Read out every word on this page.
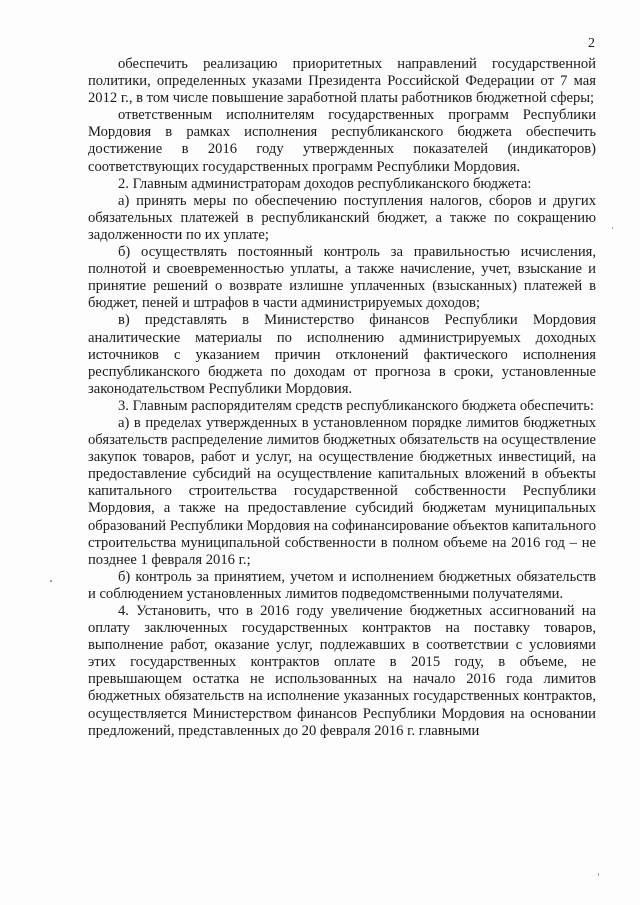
2

обеспечить реализацию приоритетных направлений государственной политики, определенных указами Президента Российской Федерации от 7 мая 2012 г., в том числе повышение заработной платы работников бюджетной сферы;

ответственным исполнителям государственных программ Республики Мордовия в рамках исполнения республиканского бюджета обеспечить достижение в 2016 году утвержденных показателей (индикаторов) соответствующих государственных программ Республики Мордовия.

2. Главным администраторам доходов республиканского бюджета:

а) принять меры по обеспечению поступления налогов, сборов и других обязательных платежей в республиканский бюджет, а также по сокращению задолженности по их уплате;

б) осуществлять постоянный контроль за правильностью исчисления, полнотой и своевременностью уплаты, а также начисление, учет, взыскание и принятие решений о возврате излишне уплаченных (взысканных) платежей в бюджет, пеней и штрафов в части администрируемых доходов;

в) представлять в Министерство финансов Республики Мордовия аналитические материалы по исполнению администрируемых доходных источников с указанием причин отклонений фактического исполнения республиканского бюджета по доходам от прогноза в сроки, установленные законодательством Республики Мордовия.

3. Главным распорядителям средств республиканского бюджета обеспечить:

а) в пределах утвержденных в установленном порядке лимитов бюджетных обязательств распределение лимитов бюджетных обязательств на осуществление закупок товаров, работ и услуг, на осуществление бюджетных инвестиций, на предоставление субсидий на осуществление капитальных вложений в объекты капитального строительства государственной собственности Республики Мордовия, а также на предоставление субсидий бюджетам муниципальных образований Республики Мордовия на софинансирование объектов капитального строительства муниципальной собственности в полном объеме на 2016 год – не позднее 1 февраля 2016 г.;

б) контроль за принятием, учетом и исполнением бюджетных обязательств и соблюдением установленных лимитов подведомственными получателями.

4. Установить, что в 2016 году увеличение бюджетных ассигнований на оплату заключенных государственных контрактов на поставку товаров, выполнение работ, оказание услуг, подлежавших в соответствии с условиями этих государственных контрактов оплате в 2015 году, в объеме, не превышающем остатка не использованных на начало 2016 года лимитов бюджетных обязательств на исполнение указанных государственных контрактов, осуществляется Министерством финансов Республики Мордовия на основании предложений, представленных до 20 февраля 2016 г. главными
